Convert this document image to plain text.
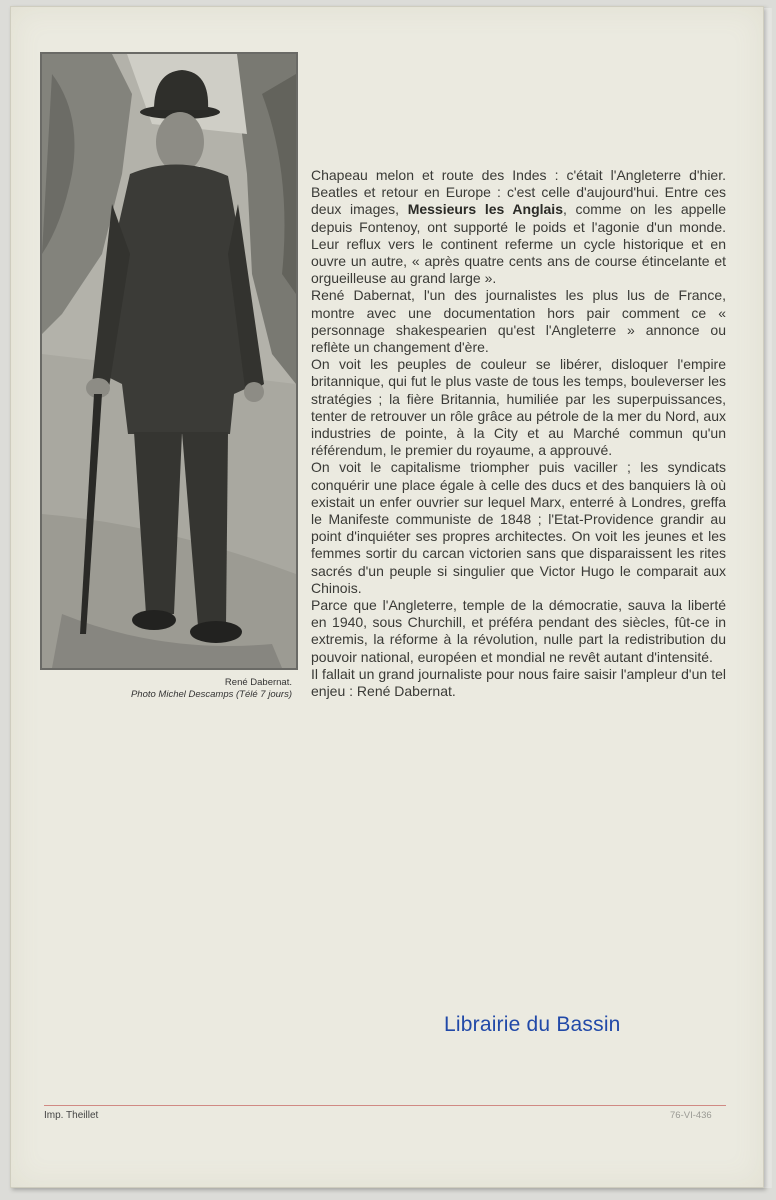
René Dabernat.
Photo Michel Descamps (Télé 7 jours)

Chapeau melon et route des Indes : c'était l'Angleterre d'hier. Beatles et retour en Europe : c'est celle d'aujourd'hui. Entre ces deux images, Messieurs les Anglais, comme on les appelle depuis Fontenoy, ont supporté le poids et l'agonie d'un monde. Leur reflux vers le continent referme un cycle historique et en ouvre un autre, « après quatre cents ans de course étincelante et orgueilleuse au grand large ».

René Dabernat, l'un des journalistes les plus lus de France, montre avec une documentation hors pair comment ce « personnage shakespearien qu'est l'Angleterre » annonce ou reflète un changement d'ère.

On voit les peuples de couleur se libérer, disloquer l'empire britannique, qui fut le plus vaste de tous les temps, bouleverser les stratégies ; la fière Britannia, humiliée par les superpuissances, tenter de retrouver un rôle grâce au pétrole de la mer du Nord, aux industries de pointe, à la City et au Marché commun qu'un référendum, le premier du royaume, a approuvé.

On voit le capitalisme triompher puis vaciller ; les syndicats conquérir une place égale à celle des ducs et des banquiers là où existait un enfer ouvrier sur lequel Marx, enterré à Londres, greffa le Manifeste communiste de 1848 ; l'Etat-Providence grandir au point d'inquiéter ses propres architectes. On voit les jeunes et les femmes sortir du carcan victorien sans que disparaissent les rites sacrés d'un peuple si singulier que Victor Hugo le comparait aux Chinois.

Parce que l'Angleterre, temple de la démocratie, sauva la liberté en 1940, sous Churchill, et préféra pendant des siècles, fût-ce in extremis, la réforme à la révolution, nulle part la redistribution du pouvoir national, européen et mondial ne revêt autant d'intensité.

Il fallait un grand journaliste pour nous faire saisir l'ampleur d'un tel enjeu : René Dabernat.

Librairie du Bassin
Imp. Theillet	76-VI-436
